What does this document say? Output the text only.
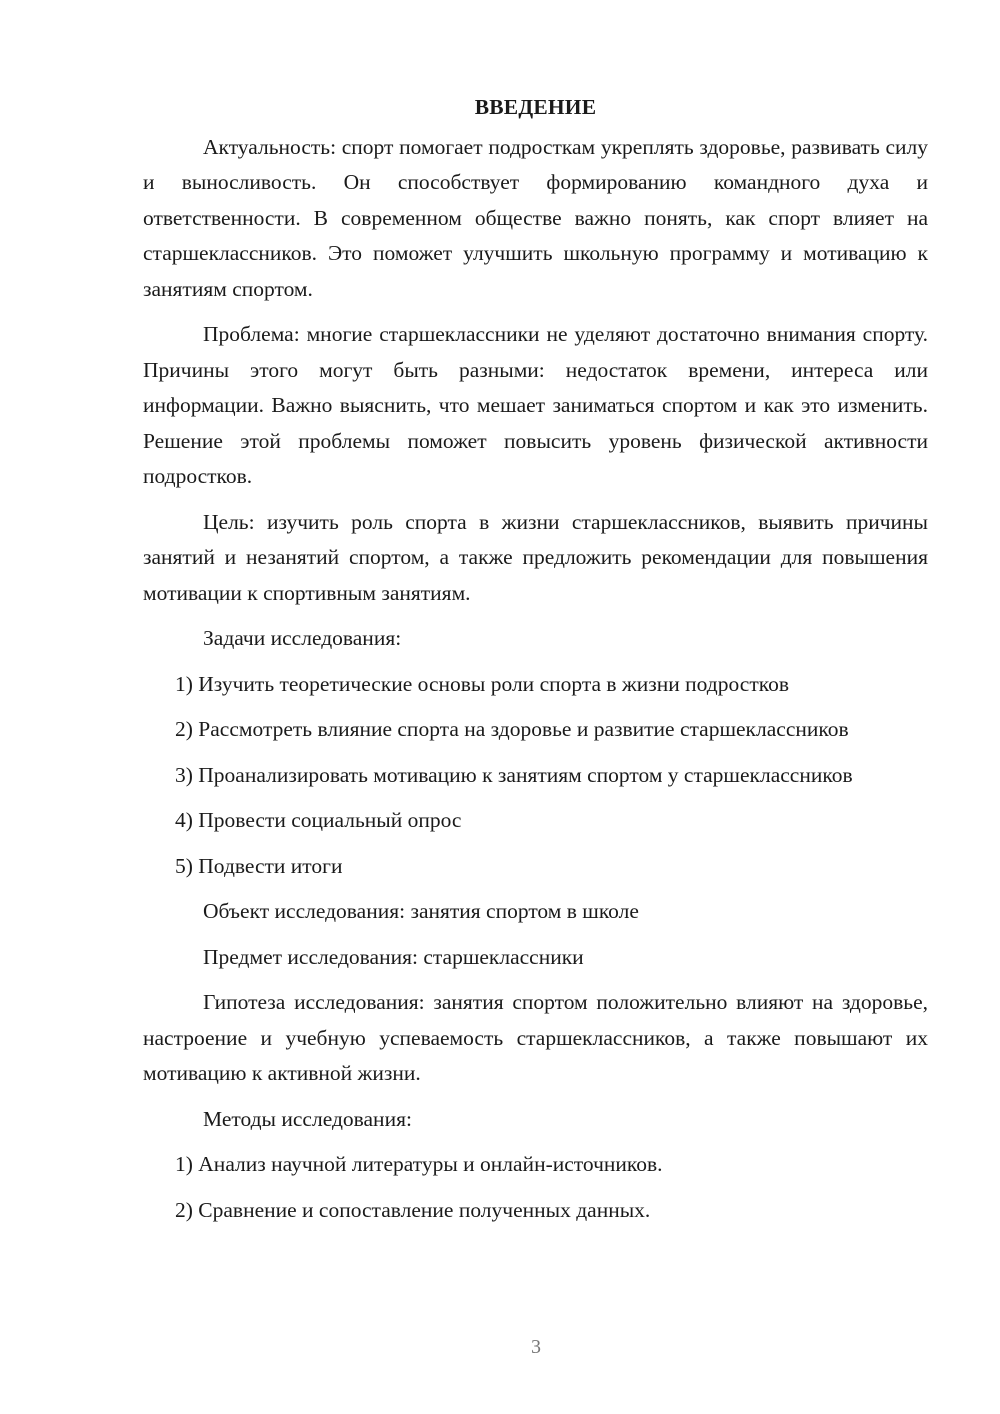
ВВЕДЕНИЕ

Актуальность: спорт помогает подросткам укреплять здоровье, развивать силу и выносливость. Он способствует формированию командного духа и ответственности. В современном обществе важно понять, как спорт влияет на старшеклассников. Это поможет улучшить школьную программу и мотивацию к занятиям спортом.

Проблема: многие старшеклассники не уделяют достаточно внимания спорту. Причины этого могут быть разными: недостаток времени, интереса или информации. Важно выяснить, что мешает заниматься спортом и как это изменить. Решение этой проблемы поможет повысить уровень физической активности подростков.

Цель: изучить роль спорта в жизни старшеклассников, выявить причины занятий и незанятий спортом, а также предложить рекомендации для повышения мотивации к спортивным занятиям.

Задачи исследования:

1) Изучить теоретические основы роли спорта в жизни подростков

2) Рассмотреть влияние спорта на здоровье и развитие старшеклассников

3) Проанализировать мотивацию к занятиям спортом у старшеклассников

4) Провести социальный опрос

5) Подвести итоги

Объект исследования: занятия спортом в школе

Предмет исследования: старшеклассники

Гипотеза исследования: занятия спортом положительно влияют на здоровье, настроение и учебную успеваемость старшеклассников, а также повышают их мотивацию к активной жизни.

Методы исследования:

1) Анализ научной литературы и онлайн-источников.

2) Сравнение и сопоставление полученных данных.

3
